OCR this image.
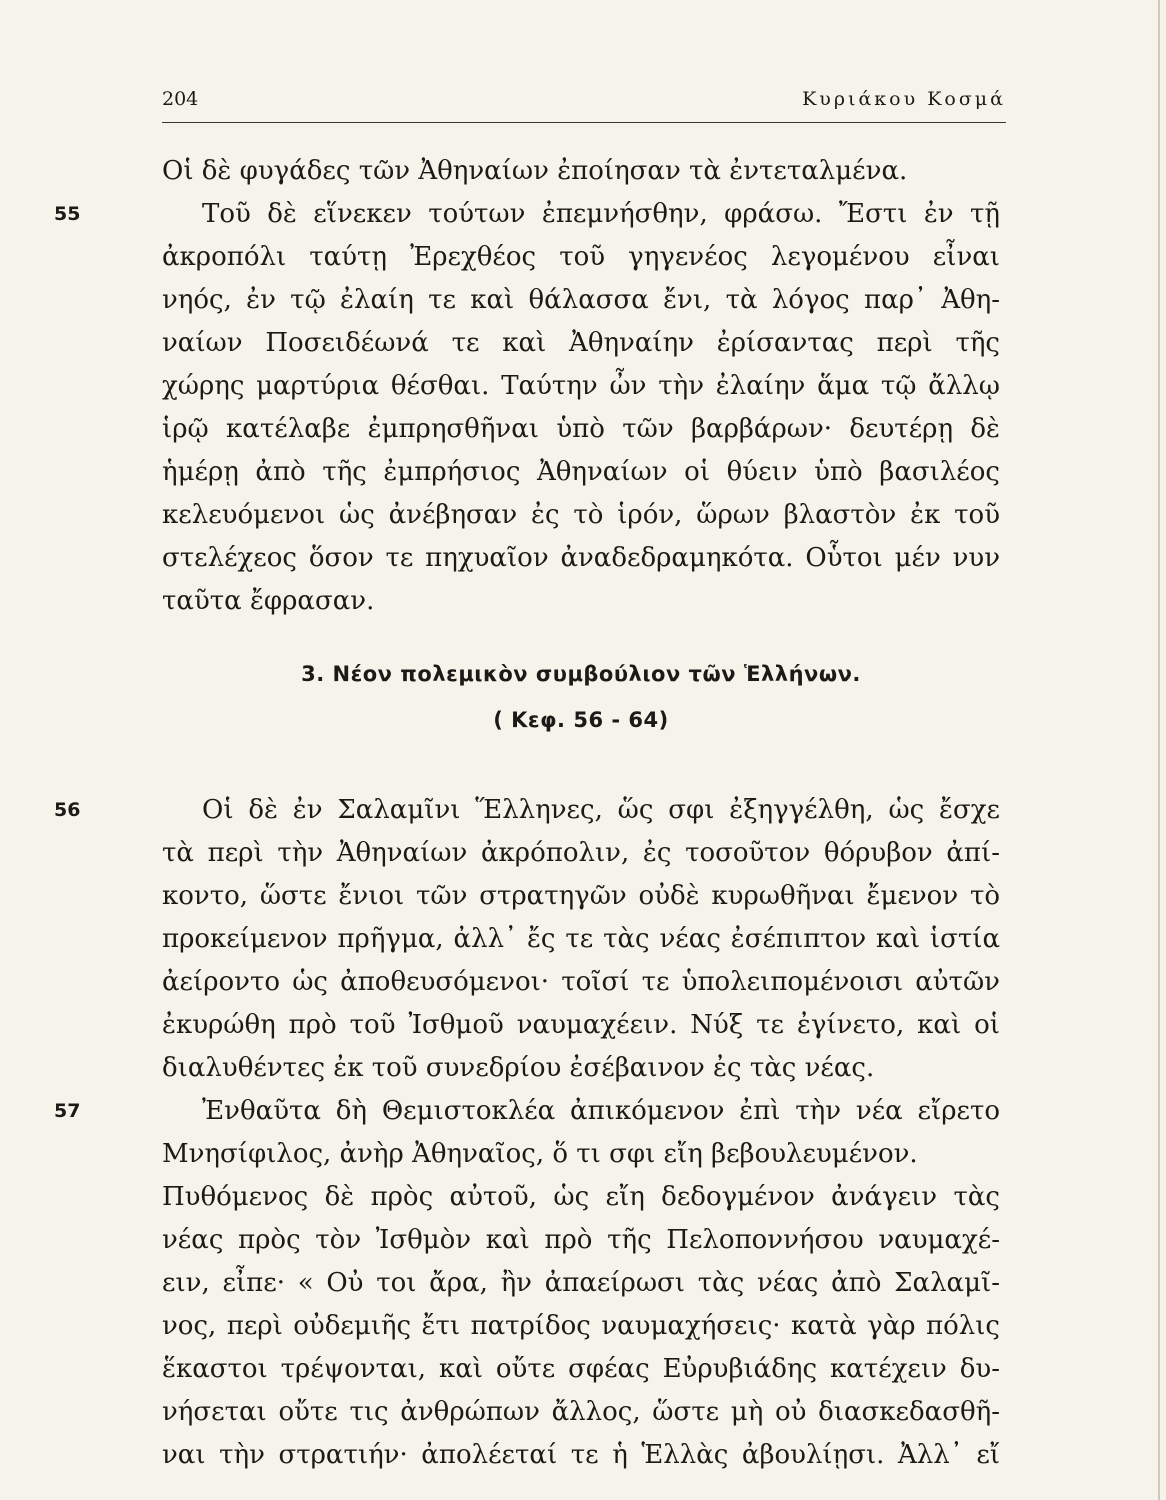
204	Κυριάκου Κοσμά
Οἱ δὲ φυγάδες τῶν Ἀθηναίων ἐποίησαν τὰ ἐντεταλμένα.
55	Τοῦ δὲ εἵνεκεν τούτων ἐπεμνήσθην, φράσω. Ἔστι ἐν τῇ
ἀκροπόλι ταύτῃ Ἐρεχθέος τοῦ γηγενέος λεγομένου εἶναι
νηός, ἐν τῷ ἐλαίη τε καὶ θάλασσα ἔνι, τὰ λόγος παρ᾽ Ἀθη-
ναίων Ποσειδέωνά τε καὶ Ἀθηναίην ἐρίσαντας περὶ τῆς
χώρης μαρτύρια θέσθαι. Ταύτην ὦν τὴν ἐλαίην ἅμα τῷ ἄλλῳ
ἱρῷ κατέλαβε ἐμπρησθῆναι ὑπὸ τῶν βαρβάρων· δευτέρῃ δὲ
ἡμέρῃ ἀπὸ τῆς ἐμπρήσιος Ἀθηναίων οἱ θύειν ὑπὸ βασιλέος
κελευόμενοι ὡς ἀνέβησαν ἐς τὸ ἱρόν, ὥρων βλαστὸν ἐκ τοῦ
στελέχεος ὅσον τε πηχυαῖον ἀναδεδραμηκότα. Οὗτοι μέν νυν
ταῦτα ἔφρασαν.
3. Νέον πολεμικὸν συμβούλιον τῶν Ἑλλήνων.
( Κεφ. 56 - 64)
56	Οἱ δὲ ἐν Σαλαμῖνι Ἕλληνες, ὥς σφι ἐξηγγέλθη, ὡς ἔσχε
τὰ περὶ τὴν Ἀθηναίων ἀκρόπολιν, ἐς τοσοῦτον θόρυβον ἀπί-
κοντο, ὥστε ἔνιοι τῶν στρατηγῶν οὐδὲ κυρωθῆναι ἔμενον τὸ
προκείμενον πρῆγμα, ἀλλ᾽ ἔς τε τὰς νέας ἐσέπιπτον καὶ ἱστία
ἀείροντο ὡς ἀποθευσόμενοι· τοῖσί τε ὑπολειπομένοισι αὐτῶν
ἐκυρώθη πρὸ τοῦ Ἰσθμοῦ ναυμαχέειν. Νύξ τε ἐγίνετο, καὶ οἱ
διαλυθέντες ἐκ τοῦ συνεδρίου ἐσέβαινον ἐς τὰς νέας.
57	Ἐνθαῦτα δὴ Θεμιστοκλέα ἀπικόμενον ἐπὶ τὴν νέα εἴρετο
Μνησίφιλος, ἀνὴρ Ἀθηναῖος, ὅ τι σφι εἴη βεβουλευμένον.
Πυθόμενος δὲ πρὸς αὐτοῦ, ὡς εἴη δεδογμένον ἀνάγειν τὰς
νέας πρὸς τὸν Ἰσθμὸν καὶ πρὸ τῆς Πελοποννήσου ναυμαχέ-
ειν, εἶπε· « Οὐ τοι ἄρα, ἢν ἀπαείρωσι τὰς νέας ἀπὸ Σαλαμῖ-
νος, περὶ οὐδεμιῆς ἔτι πατρίδος ναυμαχήσεις· κατὰ γὰρ πόλις
ἕκαστοι τρέψονται, καὶ οὔτε σφέας Εὐρυβιάδης κατέχειν δυ-
νήσεται οὔτε τις ἀνθρώπων ἄλλος, ὥστε μὴ οὐ διασκεδασθῆ-
ναι τὴν στρατιήν· ἀπολέεταί τε ἡ Ἑλλὰς ἀβουλίῃσι. Ἀλλ᾽ εἴ
